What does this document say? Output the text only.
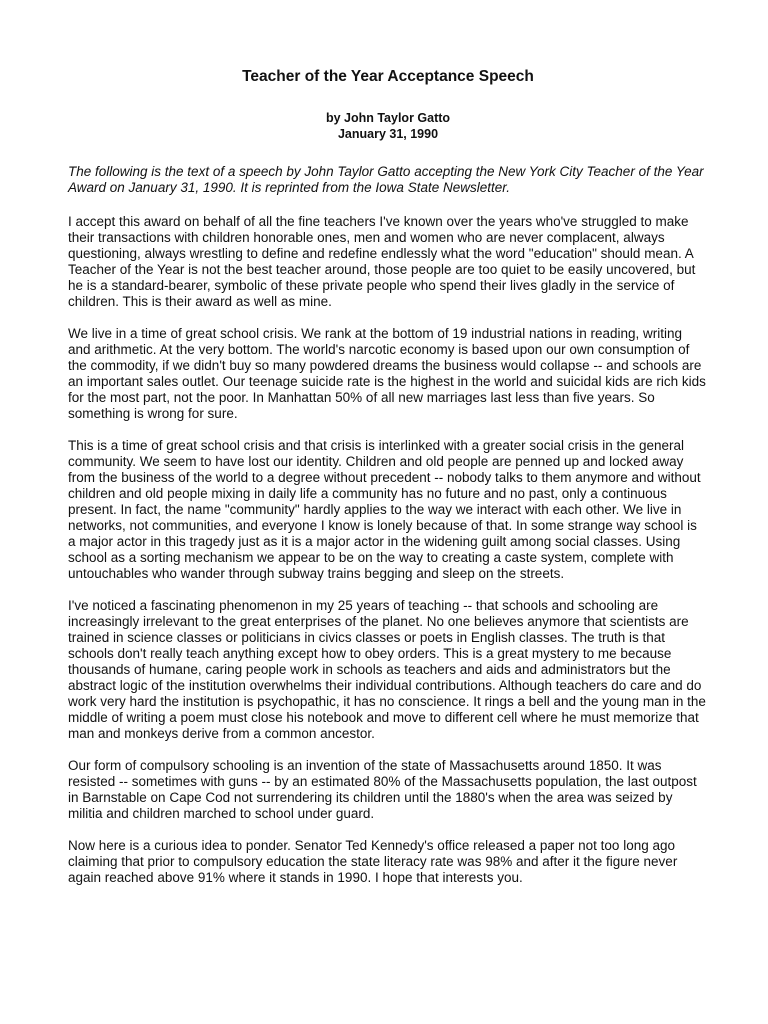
Teacher of the Year Acceptance Speech
by John Taylor Gatto
January 31, 1990

The following is the text of a speech by John Taylor Gatto accepting the New York City Teacher of the Year Award on January 31, 1990. It is reprinted from the Iowa State Newsletter.

I accept this award on behalf of all the fine teachers I've known over the years who've struggled to make their transactions with children honorable ones, men and women who are never complacent, always questioning, always wrestling to define and redefine endlessly what the word "education" should mean. A Teacher of the Year is not the best teacher around, those people are too quiet to be easily uncovered, but he is a standard-bearer, symbolic of these private people who spend their lives gladly in the service of children. This is their award as well as mine.

We live in a time of great school crisis. We rank at the bottom of 19 industrial nations in reading, writing and arithmetic. At the very bottom. The world's narcotic economy is based upon our own consumption of the commodity, if we didn't buy so many powdered dreams the business would collapse -- and schools are an important sales outlet. Our teenage suicide rate is the highest in the world and suicidal kids are rich kids for the most part, not the poor. In Manhattan 50% of all new marriages last less than five years. So something is wrong for sure.

This is a time of great school crisis and that crisis is interlinked with a greater social crisis in the general community. We seem to have lost our identity. Children and old people are penned up and locked away from the business of the world to a degree without precedent -- nobody talks to them anymore and without children and old people mixing in daily life a community has no future and no past, only a continuous present. In fact, the name "community" hardly applies to the way we interact with each other. We live in networks, not communities, and everyone I know is lonely because of that. In some strange way school is a major actor in this tragedy just as it is a major actor in the widening guilt among social classes. Using school as a sorting mechanism we appear to be on the way to creating a caste system, complete with untouchables who wander through subway trains begging and sleep on the streets.

I've noticed a fascinating phenomenon in my 25 years of teaching -- that schools and schooling are increasingly irrelevant to the great enterprises of the planet. No one believes anymore that scientists are trained in science classes or politicians in civics classes or poets in English classes. The truth is that schools don't really teach anything except how to obey orders. This is a great mystery to me because thousands of humane, caring people work in schools as teachers and aids and administrators but the abstract logic of the institution overwhelms their individual contributions. Although teachers do care and do work very hard the institution is psychopathic, it has no conscience. It rings a bell and the young man in the middle of writing a poem must close his notebook and move to different cell where he must memorize that man and monkeys derive from a common ancestor.

Our form of compulsory schooling is an invention of the state of Massachusetts around 1850. It was resisted -- sometimes with guns -- by an estimated 80% of the Massachusetts population, the last outpost in Barnstable on Cape Cod not surrendering its children until the 1880's when the area was seized by militia and children marched to school under guard.

Now here is a curious idea to ponder. Senator Ted Kennedy's office released a paper not too long ago claiming that prior to compulsory education the state literacy rate was 98% and after it the figure never again reached above 91% where it stands in 1990. I hope that interests you.
